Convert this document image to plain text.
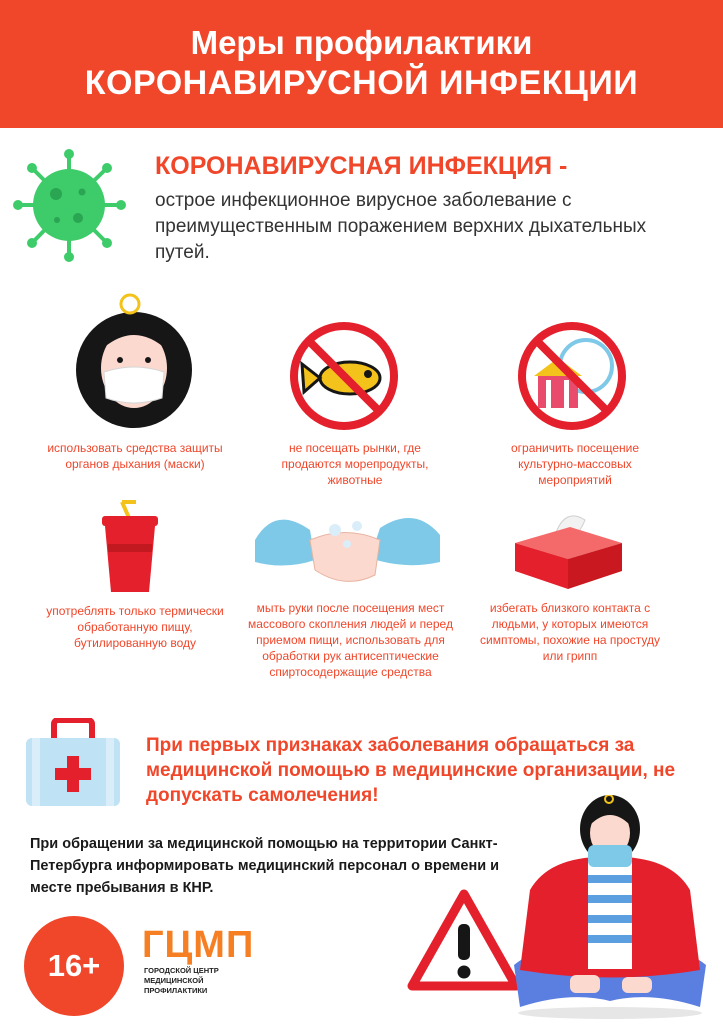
Меры профилактики
КОРОНАВИРУСНОЙ ИНФЕКЦИИ
КОРОНАВИРУСНАЯ ИНФЕКЦИЯ -
острое инфекционное вирусное заболевание с преимущественным поражением верхних дыхательных путей.
использовать средства защиты органов дыхания (маски)
не посещать рынки, где продаются морепродукты, животные
ограничить посещение культурно-массовых мероприятий
употреблять только термически обработанную пищу, бутилированную воду
мыть руки после посещения мест массового скопления людей и перед приемом пищи, использовать для обработки рук антисептические спиртосодержащие средства
избегать близкого контакта с людьми, у которых имеются симптомы, похожие на простуду или грипп
При первых признаках заболевания обращаться за медицинской помощью в медицинские организации, не допускать самолечения!
При обращении за медицинской помощью на территории Санкт-Петербурга информировать медицинский персонал о времени и месте пребывания в КНР.
16+	ГЦМП
ГОРОДСКОЙ ЦЕНТР
МЕДИЦИНСКОЙ
ПРОФИЛАКТИКИ
